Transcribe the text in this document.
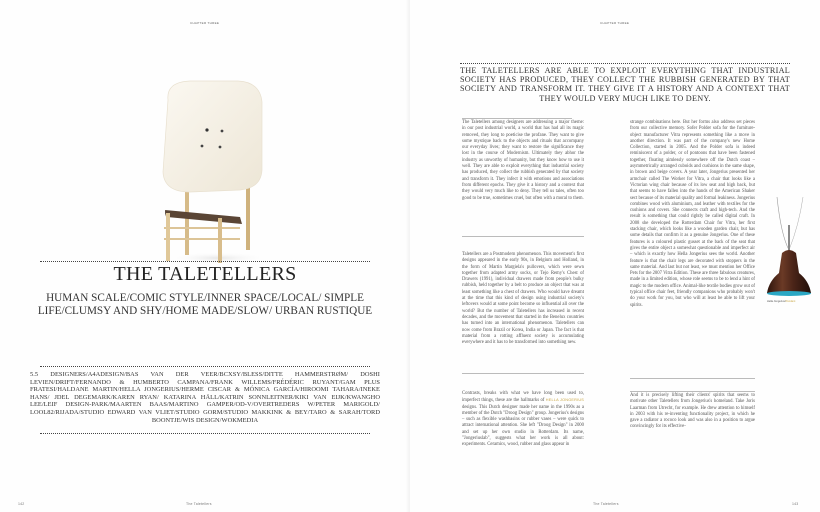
CHAPTER THREE
THE TALETELLERS
HUMAN SCALE/COMIC STYLE/INNER SPACE/LOCAL/ SIMPLE LIFE/CLUMSY AND SHY/HOME MADE/SLOW/ URBAN RUSTIQUE
5.5 DESIGNERS/A4ADESIGN/BAS VAN DER VEER/BCXSY/BLESS/DITTE HAMMERSTRØM/ DOSHI LEVIEN/DRIFT/FERNANDO & HUMBERTO CAMPANA/FRANK WILLEMS/FRÉDÉRIC RUYANT/GAM PLUS FRATESI/HALDANE MARTIN/HELLA JONGERIUS/HERME CISCAR & MÓNICA GARCÍA/HIROOMI TAHARA/INEKE HANS/ JDEL DEGEMARK/KAREN RYAN/ KATARINA HÄLL/KATRIN SONNLEITNER/KIKI VAN EIJK/KWANGHO LEE/LEIF DESIGN-PARK/MAARTEN BAAS/MARTINO GAMPER/OD-V/OVERTREDERS W/PETER MARIGOLD/ LOOL82/RIJADA/STUDIO EDWARD VAN VLIET/STUDIO GORM/STUDIO MAKKINK & BEY/TARO & SARAH/TORD BOONTJE/WIS DESIGN/WOKMEDIA
142	The Taletellers
CHAPTER THREE
THE TALETELLERS ARE ABLE TO EXPLOIT EVERYTHING THAT INDUSTRIAL SOCIETY HAS PRODUCED, THEY COLLECT THE RUBBISH GENERATED BY THAT SOCIETY AND TRANSFORM IT. THEY GIVE IT A HISTORY AND A CONTEXT THAT THEY WOULD VERY MUCH LIKE TO DENY.

The Taletellers among designers are addressing a major theme: in our post industrial world, a world that has had all its magic removed, they long to poeticise the profane. They want to give some mystique back to the objects and rituals that accompany our everyday lives; they want to restore the significance they lost in the course of Modernism. Ultimately they abhor the industry as unworthy of humanity, but they know how to use it well. They are able to exploit everything that industrial society has produced, they collect the rubbish generated by that society and transform it. They infect it with emotions and associations from different epochs. They give it a history and a context that they would very much like to deny. They tell us tales, often too good to be true, sometimes cruel, but often with a moral to them.

Taletellers are a Postmodern phenomenon. This movement's first designs appeared in the early 90s, in Belgium and Holland, in the form of Martin Margiela's pullovers, which were sewn together from adapted army socks, or Tejo Remy's Chest of Drawers (1991), individual drawers made from people's bulky rubbish, held together by a belt to produce an object that was at least something like a chest of drawers. Who would have dreamt at the time that this kind of design using industrial society's leftovers would at some point become so influential all over the world? But the number of Taletellers has increased in recent decades, and the movement that started in the Benelux countries has turned into an international phenomenon. Taletellers can now come from Brazil or Korea, India or Japan. The fact is that material from a rotting affluent society is accumulating everywhere and it has to be transformed into something new.

Contrasts, breaks with what we have long been used to, imperfect things, these are the hallmarks of HELLA JONGERIUS designs. This Dutch designer made her name in the 1990s as a member of the Dutch "Droog Design" group. Jongerius's designs – such as flexible washbasins or rubber vases – were quick to attract international attention. She left "Droog Design" in 2000 and set up her own studio in Rotterdam. Its name, "Jongeriuslab", suggests what her work is all about: experiments. Ceramics, wood, rubber and glass appear in

strange combinations here. But her forms also address set pieces from our collective memory. Sofer Polder sofa for the furniture-object manufacturer Vitra represents something like a move in another direction. It was part of the company's new Home Collection, started in 2005. And the Polder sofa is indeed reminiscent of a polder, or of pontoons that have been fastened together, floating aimlessly somewhere off the Dutch coast – asymmetrically arranged cuboids and cushions in the same shape, in brown and beige covers. A year later, Jongerius presented her armchair called The Worker for Vitra, a chair that looks like a Victorian wing chair because of its low seat and high back, but that seems to have fallen into the hands of the American Shaker sect because of its material quality and formal leakiness. Jongerius combines wood with aluminium, and leather with textiles for the cushions and covers. She connects craft and high-tech. And the result is something that could rightly be called digital craft. In 2008 she developed the Rotterdam Chair for Vitra, her first stacking chair, which looks like a wooden garden chair, but has some details that confirm it as a genuine Jongerius. One of these features is a coloured plastic gusset at the back of the seat that gives the entire object a somewhat questionable and imperfect air – which is exactly how Hella Jongerius sees the world. Another feature is that the chair legs are decorated with stoppers in the same material. And last but not least, we must mention her Office Pets for the 2007 Vitra Edition. These are three fabulous creatures, made in a limited edition, whose role seems to be to lend a hint of magic to the modern office. Animal-like textile bodies grow out of typical office chair feet, friendly companions who probably won't do your work for you, but who will at least be able to lift your spirits.

And it is precisely lifting their clients' spirits that seems to motivate other Taletellers from Jongerius's homeland. Take Joris Laarman from Utrecht, for example. He drew attention to himself in 2003 with his re-inventing functionality project, in which he gave a radiator a rococo look and was also in a position to argue convincingly for its effective-

Hella Jongerius/Pendant
The Taletellers	143
